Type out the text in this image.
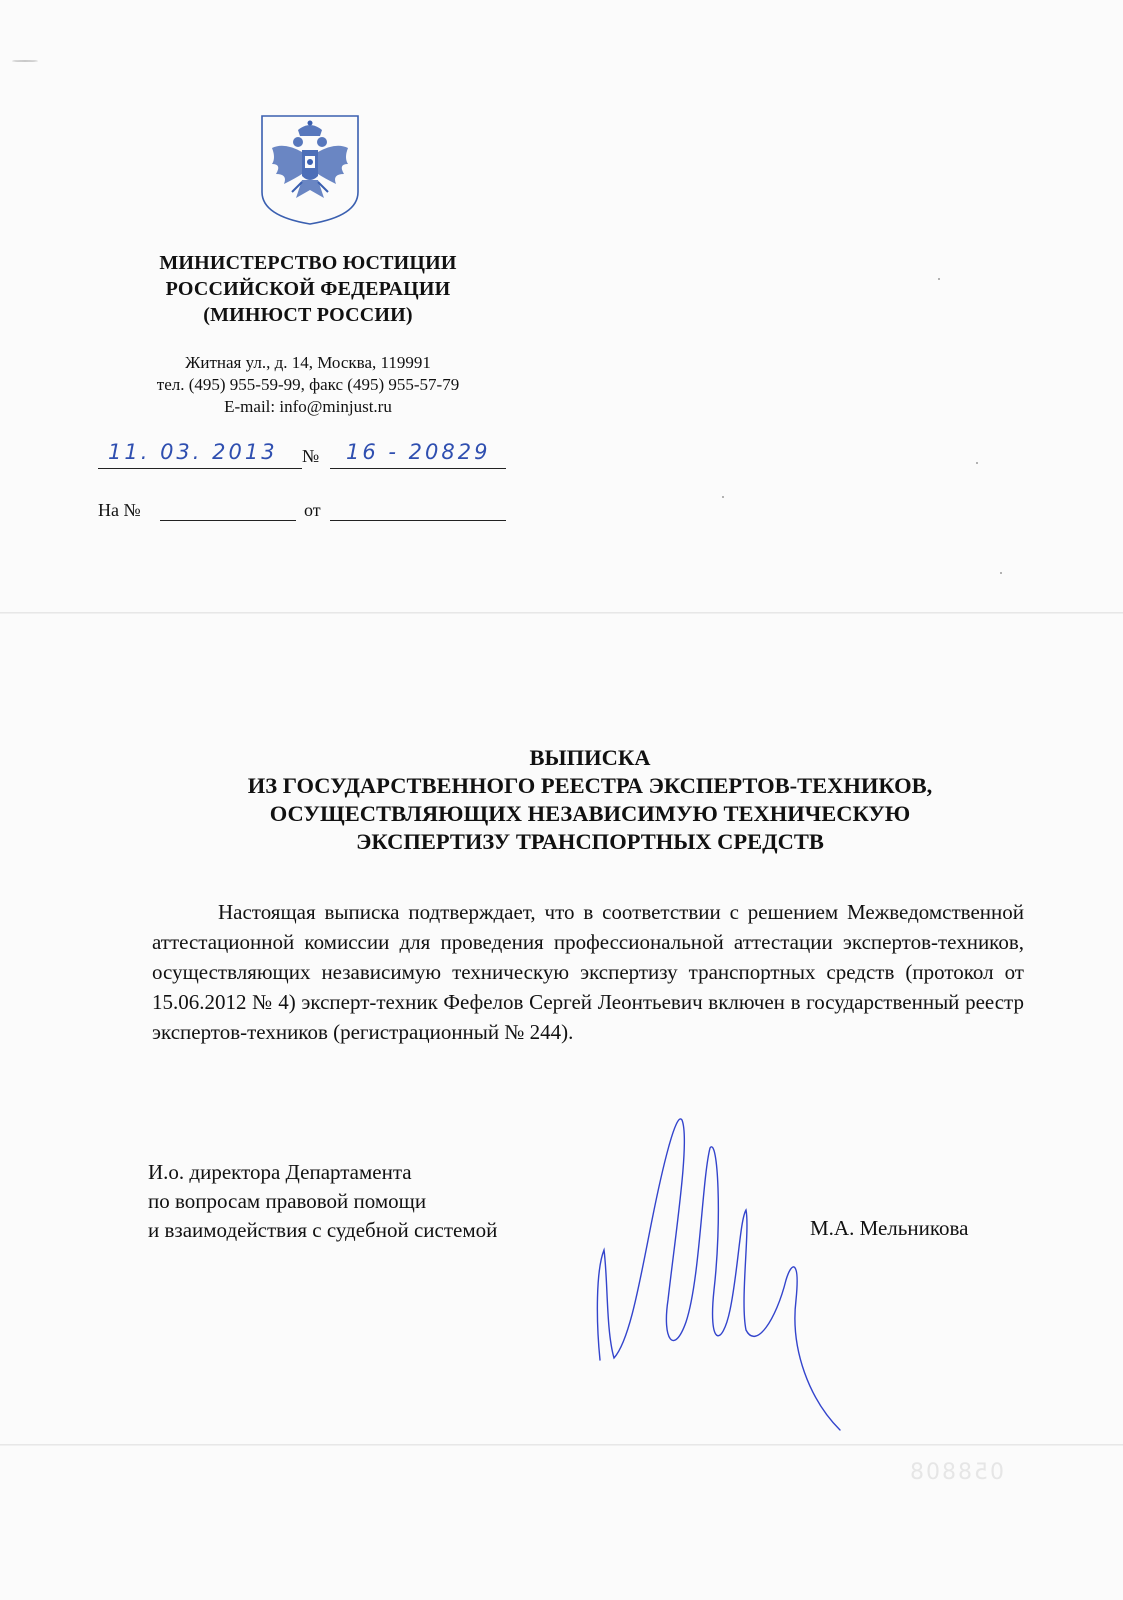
МИНИСТЕРСТВО ЮСТИЦИИ
РОССИЙСКОЙ ФЕДЕРАЦИИ
(МИНЮСТ РОССИИ)
Житная ул., д. 14, Москва, 119991
тел. (495) 955-59-99, факс (495) 955-57-79
E-mail: info@minjust.ru
11. 03. 2013 № 16 - 20829
На №	от
ВЫПИСКА
ИЗ ГОСУДАРСТВЕННОГО РЕЕСТРА ЭКСПЕРТОВ-ТЕХНИКОВ,
ОСУЩЕСТВЛЯЮЩИХ НЕЗАВИСИМУЮ ТЕХНИЧЕСКУЮ
ЭКСПЕРТИЗУ ТРАНСПОРТНЫХ СРЕДСТВ

Настоящая выписка подтверждает, что в соответствии с решением Межведомственной аттестационной комиссии для проведения профессиональной аттестации экспертов-техников, осуществляющих независимую техническую экспертизу транспортных средств (протокол от 15.06.2012 № 4) эксперт-техник Фефелов Сергей Леонтьевич включен в государственный реестр экспертов-техников (регистрационный № 244).

И.о. директора Департамента
по вопросам правовой помощи
и взаимодействия с судебной системой	М.А. Мельникова
058808
